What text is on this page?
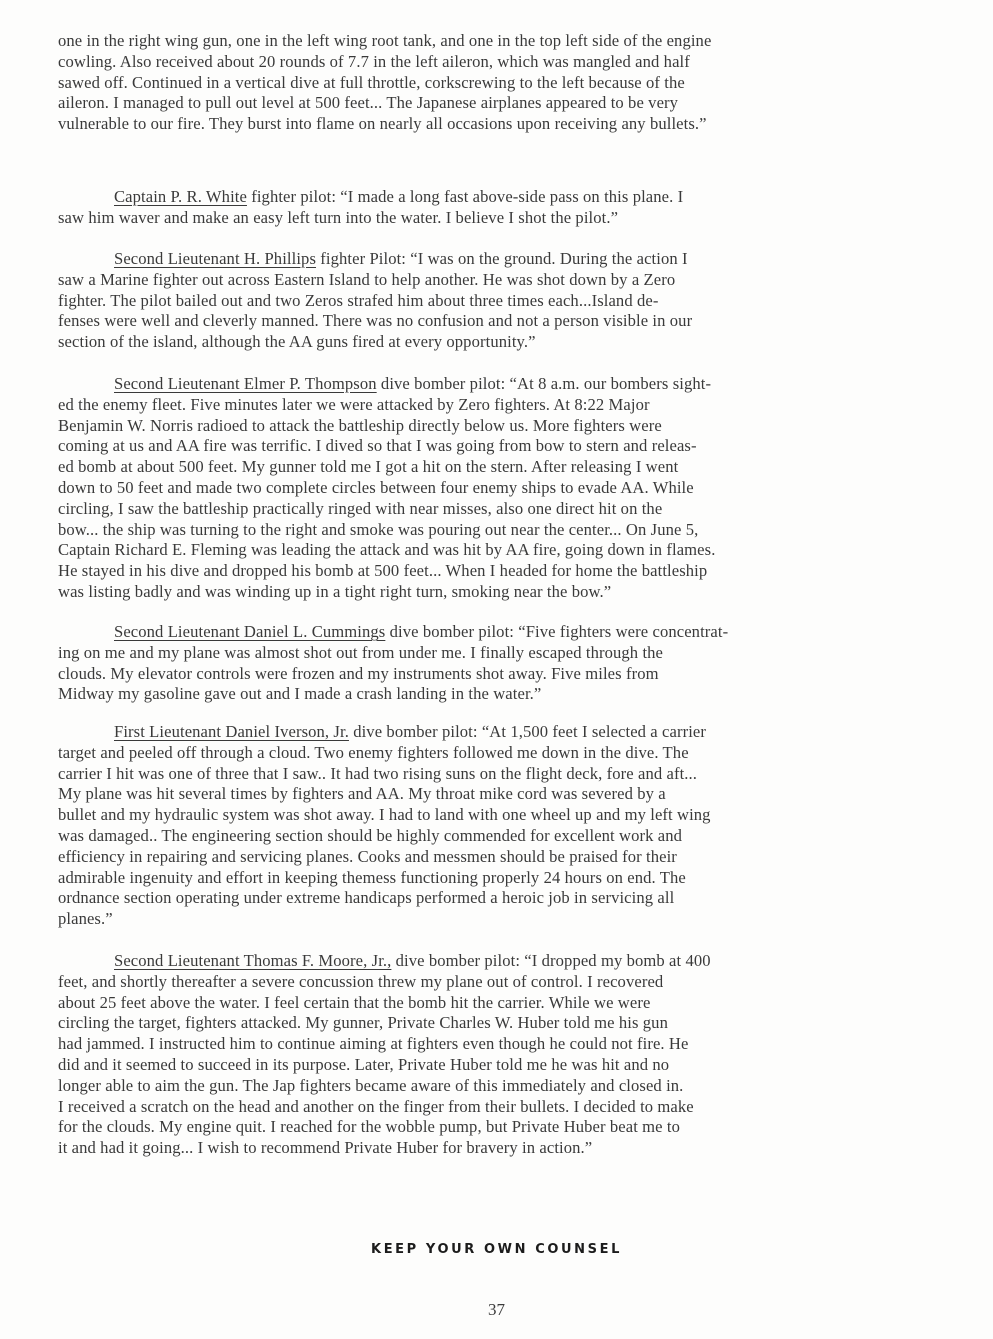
one in the right wing gun, one in the left wing root tank, and one in the top left side of the engine
cowling. Also received about 20 rounds of 7.7 in the left aileron, which was mangled and half
sawed off. Continued in a vertical dive at full throttle, corkscrewing to the left because of the
aileron. I managed to pull out level at 500 feet... The Japanese airplanes appeared to be very
vulnerable to our fire. They burst into flame on nearly all occasions upon receiving any bullets.”
Captain P. R. White fighter pilot: “I made a long fast above-side pass on this plane. I
saw him waver and make an easy left turn into the water. I believe I shot the pilot.”
Second Lieutenant H. Phillips fighter Pilot: “I was on the ground. During the action I
saw a Marine fighter out across Eastern Island to help another. He was shot down by a Zero
fighter. The pilot bailed out and two Zeros strafed him about three times each...Island de-
fenses were well and cleverly manned. There was no confusion and not a person visible in our
section of the island, although the AA guns fired at every opportunity.”
Second Lieutenant Elmer P. Thompson dive bomber pilot: “At 8 a.m. our bombers sight-
ed the enemy fleet. Five minutes later we were attacked by Zero fighters. At 8:22 Major
Benjamin W. Norris radioed to attack the battleship directly below us. More fighters were
coming at us and AA fire was terrific. I dived so that I was going from bow to stern and releas-
ed bomb at about 500 feet. My gunner told me I got a hit on the stern. After releasing I went
down to 50 feet and made two complete circles between four enemy ships to evade AA. While
circling, I saw the battleship practically ringed with near misses, also one direct hit on the
bow... the ship was turning to the right and smoke was pouring out near the center... On June 5,
Captain Richard E. Fleming was leading the attack and was hit by AA fire, going down in flames.
He stayed in his dive and dropped his bomb at 500 feet... When I headed for home the battleship
was listing badly and was winding up in a tight right turn, smoking near the bow.”
Second Lieutenant Daniel L. Cummings dive bomber pilot: “Five fighters were concentrat-
ing on me and my plane was almost shot out from under me. I finally escaped through the
clouds. My elevator controls were frozen and my instruments shot away. Five miles from
Midway my gasoline gave out and I made a crash landing in the water.”
First Lieutenant Daniel Iverson, Jr. dive bomber pilot: “At 1,500 feet I selected a carrier
target and peeled off through a cloud. Two enemy fighters followed me down in the dive. The
carrier I hit was one of three that I saw.. It had two rising suns on the flight deck, fore and aft...
My plane was hit several times by fighters and AA. My throat mike cord was severed by a
bullet and my hydraulic system was shot away. I had to land with one wheel up and my left wing
was damaged.. The engineering section should be highly commended for excellent work and
efficiency in repairing and servicing planes. Cooks and messmen should be praised for their
admirable ingenuity and effort in keeping themess functioning properly 24 hours on end. The
ordnance section operating under extreme handicaps performed a heroic job in servicing all
planes.”
Second Lieutenant Thomas F. Moore, Jr., dive bomber pilot: “I dropped my bomb at 400
feet, and shortly thereafter a severe concussion threw my plane out of control. I recovered
about 25 feet above the water. I feel certain that the bomb hit the carrier. While we were
circling the target, fighters attacked. My gunner, Private Charles W. Huber told me his gun
had jammed. I instructed him to continue aiming at fighters even though he could not fire. He
did and it seemed to succeed in its purpose. Later, Private Huber told me he was hit and no
longer able to aim the gun. The Jap fighters became aware of this immediately and closed in.
I received a scratch on the head and another on the finger from their bullets. I decided to make
for the clouds. My engine quit. I reached for the wobble pump, but Private Huber beat me to
it and had it going... I wish to recommend Private Huber for bravery in action.”
KEEP YOUR OWN COUNSEL
37
